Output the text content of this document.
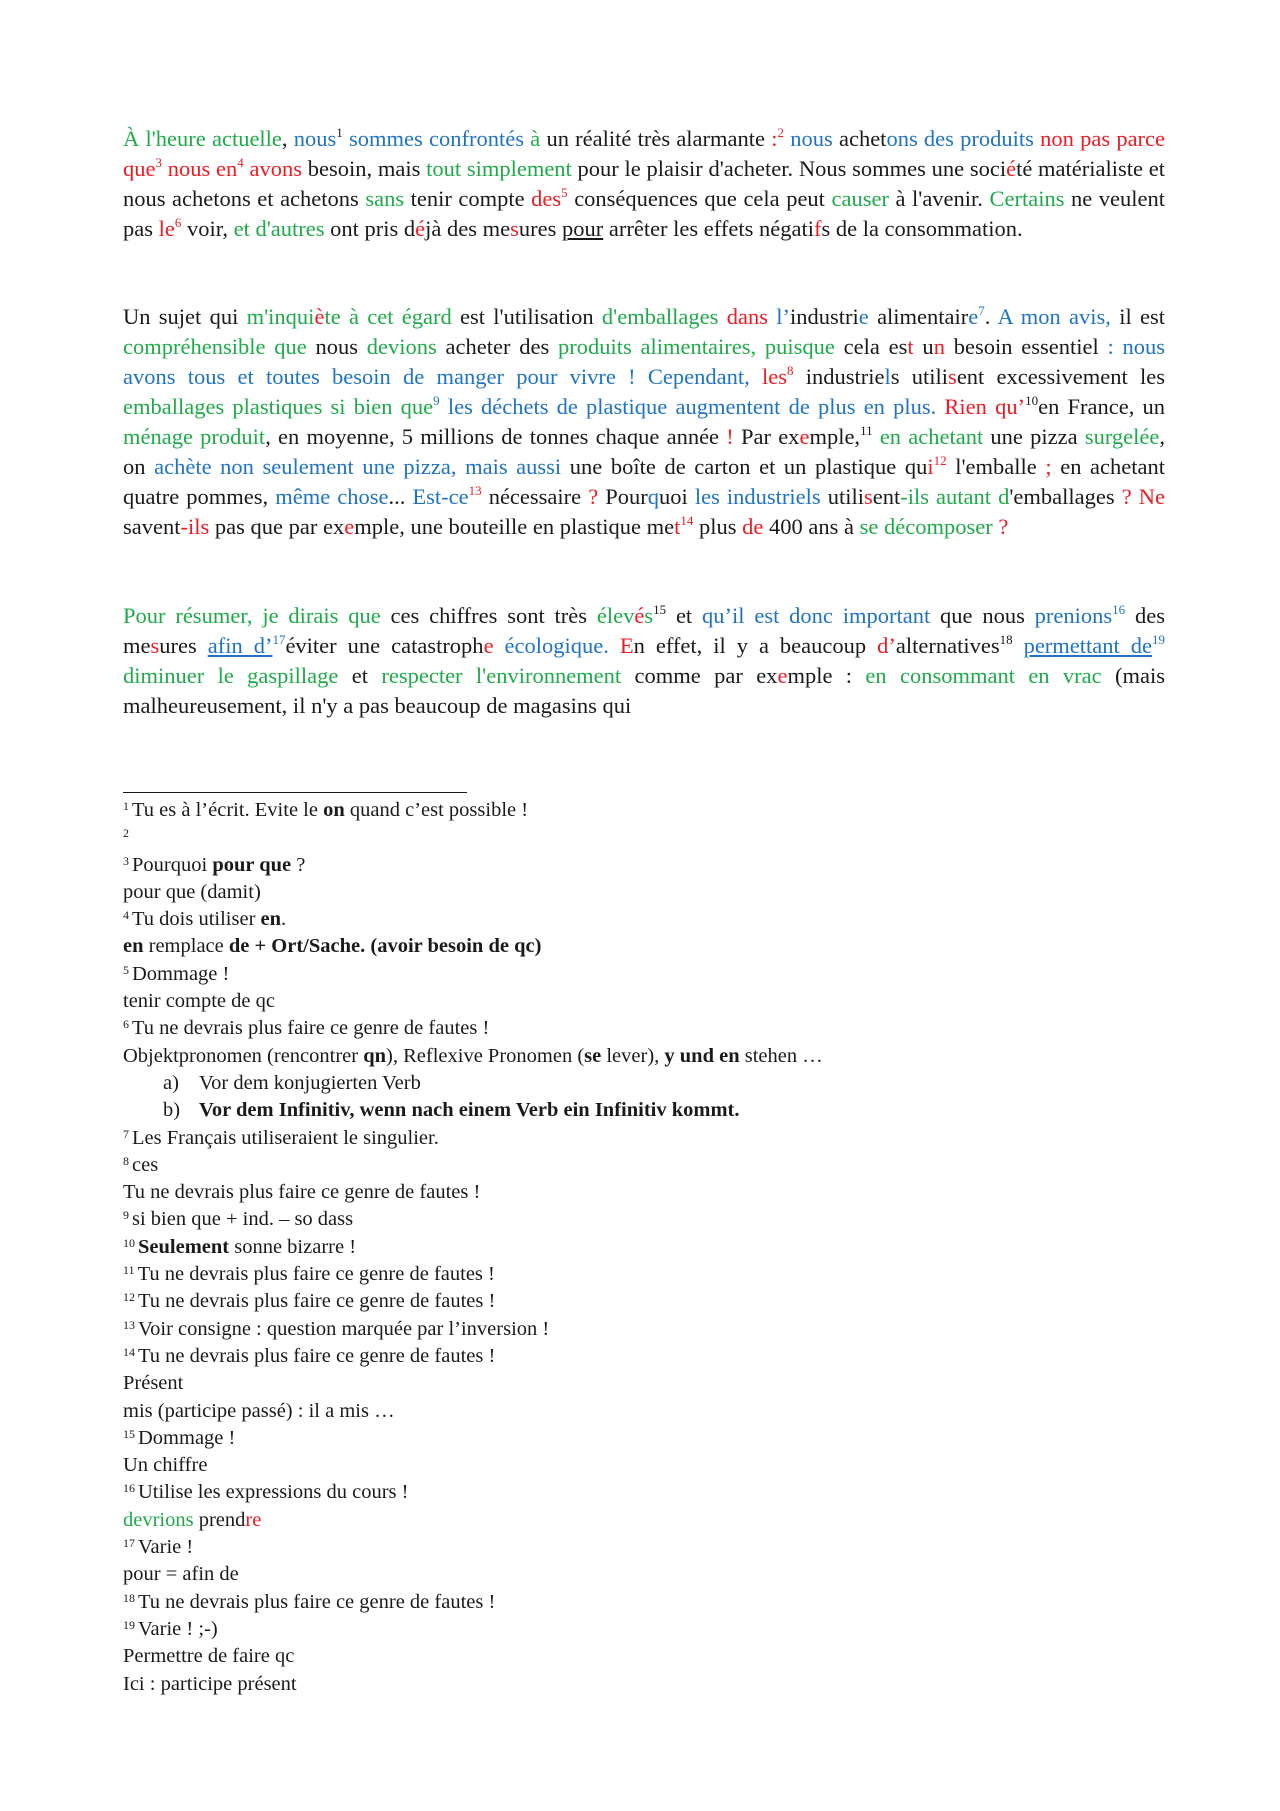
À l'heure actuelle, nous$^1$ sommes confrontés à un réalité très alarmante :$^2$ nous achetons des produits non pas parce que$^3$ nous $en^4$ avons besoin, mais tout simplement pour le plaisir d'acheter. Nous sommes une société matérialiste et nous achetons et achetons sans tenir compte des$^5$ conséquences que cela peut causer à l'avenir. Certains ne veulent pas $le^6$ voir, et d'autres ont pris déjà des mesures pour arrêter les effets négatifs de la consommation.

Un sujet qui m'inquiète à cet égard est l'utilisation d'emballages dans l’industrie alimentaire$^7$. A mon avis, il est compréhensible que nous devions acheter des produits alimentaires, puisque cela est un besoin essentiel : nous avons tous et toutes besoin de manger pour vivre ! Cependant, les$^8$ industriels utilisent excessivement les emballages plastiques si bien que$^9$ les déchets de plastique augmentent de plus en plus. Rien qu’$^{10}$en France, un ménage produit, en moyenne, 5 millions de tonnes chaque année ! Par exemple,$^{11}$ en achetant une pizza surgelée, on achète non seulement une pizza, mais aussi une boîte de carton et un plastique qui$^{12}$ l'emballe ; en achetant quatre pommes, même chose... Est-$ce^{13}$ nécessaire ? Pourquoi les industriels utilisent-ils autant d'emballages ? Ne savent-ils pas que par exemple, une bouteille en plastique met$^{14}$ plus de 400 ans à se décomposer ?

Pour résumer, je dirais que ces chiffres sont très élevés$^{15}$ et qu’il est donc important que nous prenions$^{16}$ des mesures afin d’$^{17}$éviter une catastrophe écologique. En effet, il y a beaucoup d’alternatives$^{18}$ permettant $de^{19}$ diminuer le gaspillage et respecter l'environnement comme par exemple : en consommant en vrac (mais malheureusement, il n'y a pas beaucoup de magasins qui

$^1$ Tu es à l’écrit. Evite le on quand c’est possible !
$^2$
$^3$ Pourquoi pour que ?
pour que (damit)
$^4$ Tu dois utiliser en.
en remplace de + Ort/Sache. (avoir besoin de qc)
$^5$ Dommage !
tenir compte de qc
$^6$ Tu ne devrais plus faire ce genre de fautes !
Objektpronomen (rencontrer qn), Reflexive Pronomen (se lever), y und en stehen …
a) Vor dem konjugierten Verb
b) Vor dem Infinitiv, wenn nach einem Verb ein Infinitiv kommt.
$^7$ Les Français utiliseraient le singulier.
$^8$ ces
Tu ne devrais plus faire ce genre de fautes !
$^9$ si bien que + ind. – so dass
$^{10}$ Seulement sonne bizarre !
$^{11}$ Tu ne devrais plus faire ce genre de fautes !
$^{12}$ Tu ne devrais plus faire ce genre de fautes !
$^{13}$ Voir consigne : question marquée par l’inversion !
$^{14}$ Tu ne devrais plus faire ce genre de fautes !
Présent
mis (participe passé) : il a mis …
$^{15}$ Dommage !
Un chiffre
$^{16}$ Utilise les expressions du cours !
devrions prendre
$^{17}$ Varie !
pour = afin de
$^{18}$ Tu ne devrais plus faire ce genre de fautes !
$^{19}$ Varie ! ;-)
Permettre de faire qc
Ici : participe présent
